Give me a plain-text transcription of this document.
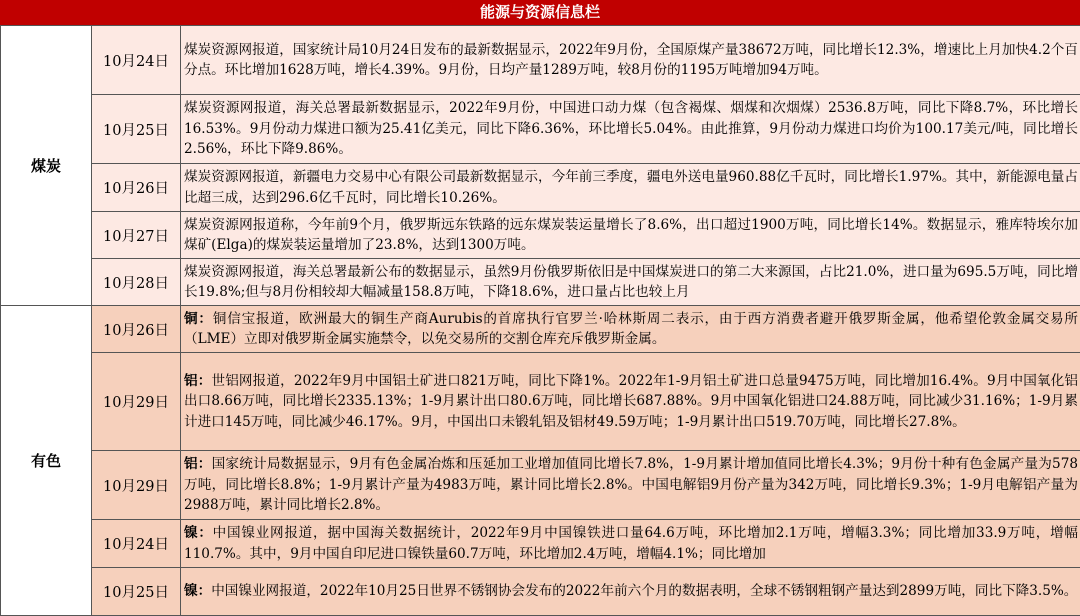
能源与资源信息栏
煤炭	10月24日	煤炭资源网报道，国家统计局10月24日发布的最新数据显示，2022年9月份，全国原煤产量38672万吨，同比增长12.3%，增速比上月加快4.2个百分点。环比增加1628万吨，增长4.39%。9月份，日均产量1289万吨，较8月份的1195万吨增加94万吨。

	10月25日	煤炭资源网报道，海关总署最新数据显示，2022年9月份，中国进口动力煤（包含褐煤、烟煤和次烟煤）2536.8万吨，同比下降8.7%，环比增长16.53%。9月份动力煤进口额为25.41亿美元，同比下降6.36%，环比增长5.04%。由此推算，9月份动力煤进口均价为100.17美元/吨，同比增长2.56%，环比下降9.86%。

	10月26日	煤炭资源网报道，新疆电力交易中心有限公司最新数据显示，今年前三季度，疆电外送电量960.88亿千瓦时，同比增长1.97%。其中，新能源电量占比超三成，达到296.6亿千瓦时，同比增长10.26%。

	10月27日	煤炭资源网报道称，今年前9个月，俄罗斯远东铁路的远东煤炭装运量增长了8.6%，出口超过1900万吨，同比增长14%。数据显示，雅库特埃尔加煤矿(Elga)的煤炭装运量增加了23.8%，达到1300万吨。

	10月28日	煤炭资源网报道，海关总署最新公布的数据显示，虽然9月份俄罗斯依旧是中国煤炭进口的第二大来源国，占比21.0%，进口量为695.5万吨，同比增长19.8%;但与8月份相较却大幅减量158.8万吨，下降18.6%，进口量占比也较上月

有色	10月26日	铜：铜信宝报道，欧洲最大的铜生产商Aurubis的首席执行官罗兰·哈林斯周二表示，由于西方消费者避开俄罗斯金属，他希望伦敦金属交易所（LME）立即对俄罗斯金属实施禁令，以免交易所的交割仓库充斥俄罗斯金属。

	10月29日	铝：世铝网报道，2022年9月中国铝土矿进口821万吨，同比下降1%。2022年1-9月铝土矿进口总量9475万吨，同比增加16.4%。9月中国氧化铝出口8.66万吨，同比增长2335.13%；1-9月累计出口80.6万吨，同比增长687.88%。9月中国氧化铝进口24.88万吨，同比减少31.16%；1-9月累计进口145万吨，同比减少46.17%。9月，中国出口未锻轧铝及铝材49.59万吨；1-9月累计出口519.70万吨，同比增长27.8%。

	10月29日	铝：国家统计局数据显示，9月有色金属冶炼和压延加工业增加值同比增长7.8%，1-9月累计增加值同比增长4.3%；9月份十种有色金属产量为578万吨，同比增长8.8%；1-9月累计产量为4983万吨，累计同比增长2.8%。中国电解铝9月份产量为342万吨，同比增长9.3%；1-9月电解铝产量为2988万吨，累计同比增长2.8%。

	10月24日	镍：中国镍业网报道，据中国海关数据统计，2022年9月中国镍铁进口量64.6万吨，环比增加2.1万吨，增幅3.3%；同比增加33.9万吨，增幅110.7%。其中，9月中国自印尼进口镍铁量60.7万吨，环比增加2.4万吨，增幅4.1%；同比增加

	10月25日	镍：中国镍业网报道，2022年10月25日世界不锈钢协会发布的2022年前六个月的数据表明，全球不锈钢粗钢产量达到2899万吨，同比下降3.5%。
